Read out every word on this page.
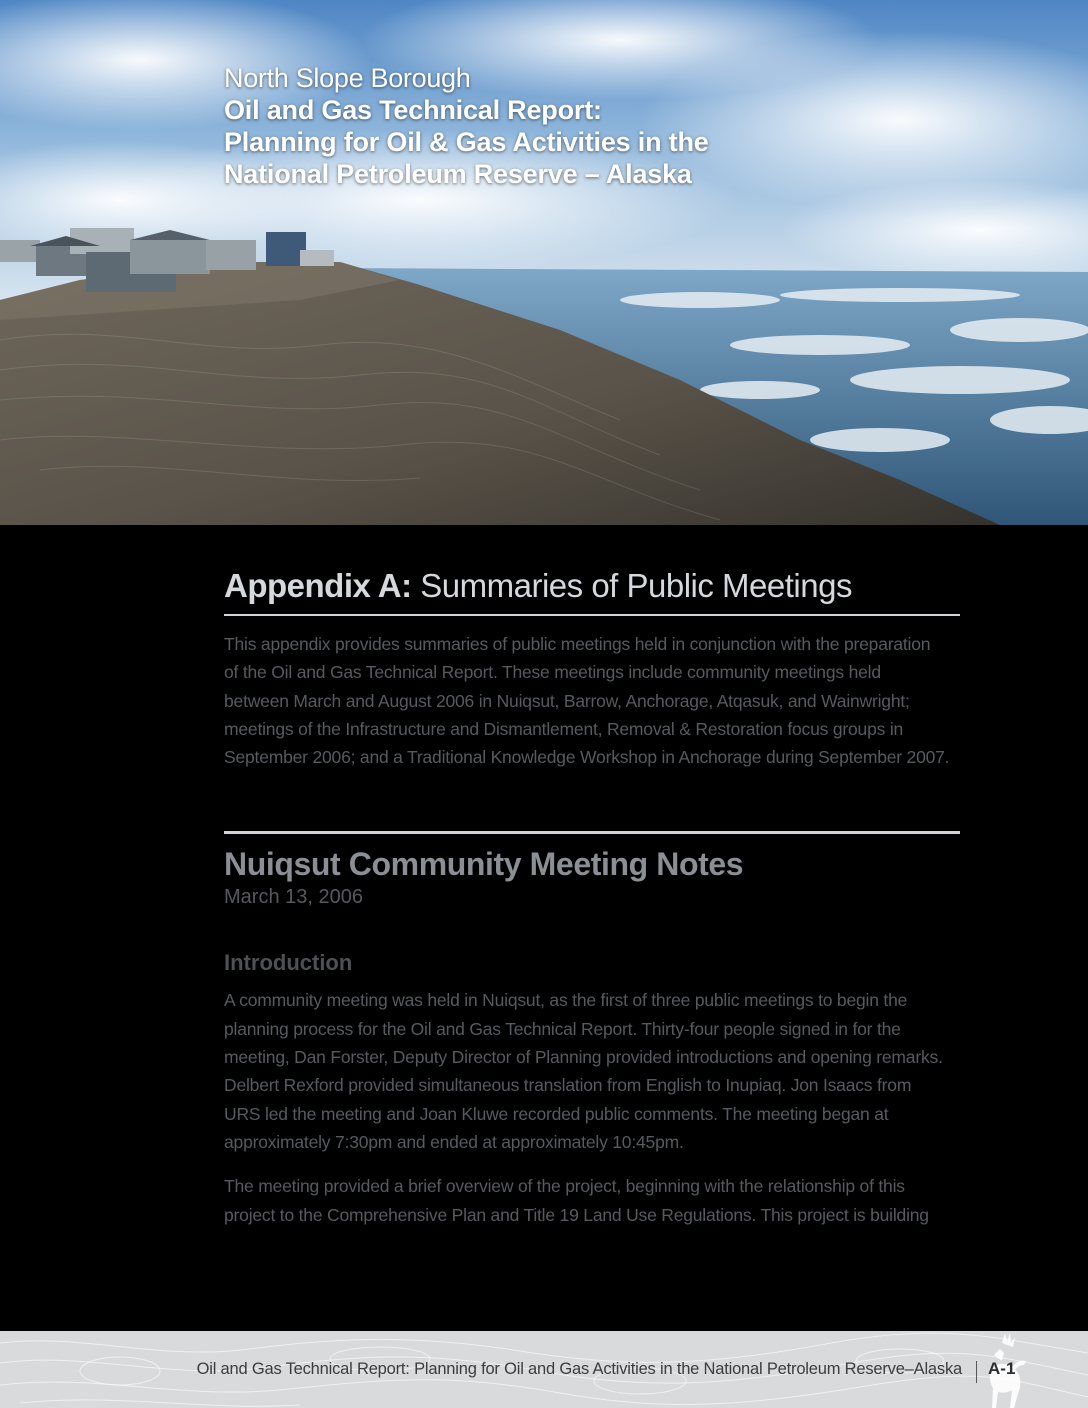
North Slope Borough
Oil and Gas Technical Report:
Planning for Oil & Gas Activities in the
National Petroleum Reserve – Alaska
Appendix A: Summaries of Public Meetings

This appendix provides summaries of public meetings held in conjunction with the preparation
of the Oil and Gas Technical Report. These meetings include community meetings held
between March and August 2006 in Nuiqsut, Barrow, Anchorage, Atqasuk, and Wainwright;
meetings of the Infrastructure and Dismantlement, Removal & Restoration focus groups in
September 2006; and a Traditional Knowledge Workshop in Anchorage during September 2007.

Nuiqsut Community Meeting Notes

March 13, 2006

Introduction

A community meeting was held in Nuiqsut, as the first of three public meetings to begin the
planning process for the Oil and Gas Technical Report. Thirty-four people signed in for the
meeting, Dan Forster, Deputy Director of Planning provided introductions and opening remarks.
Delbert Rexford provided simultaneous translation from English to Inupiaq. Jon Isaacs from
URS led the meeting and Joan Kluwe recorded public comments. The meeting began at
approximately 7:30pm and ended at approximately 10:45pm.

The meeting provided a brief overview of the project, beginning with the relationship of this
project to the Comprehensive Plan and Title 19 Land Use Regulations. This project is building

Oil and Gas Technical Report: Planning for Oil and Gas Activities in the National Petroleum Reserve–Alaska A-1
